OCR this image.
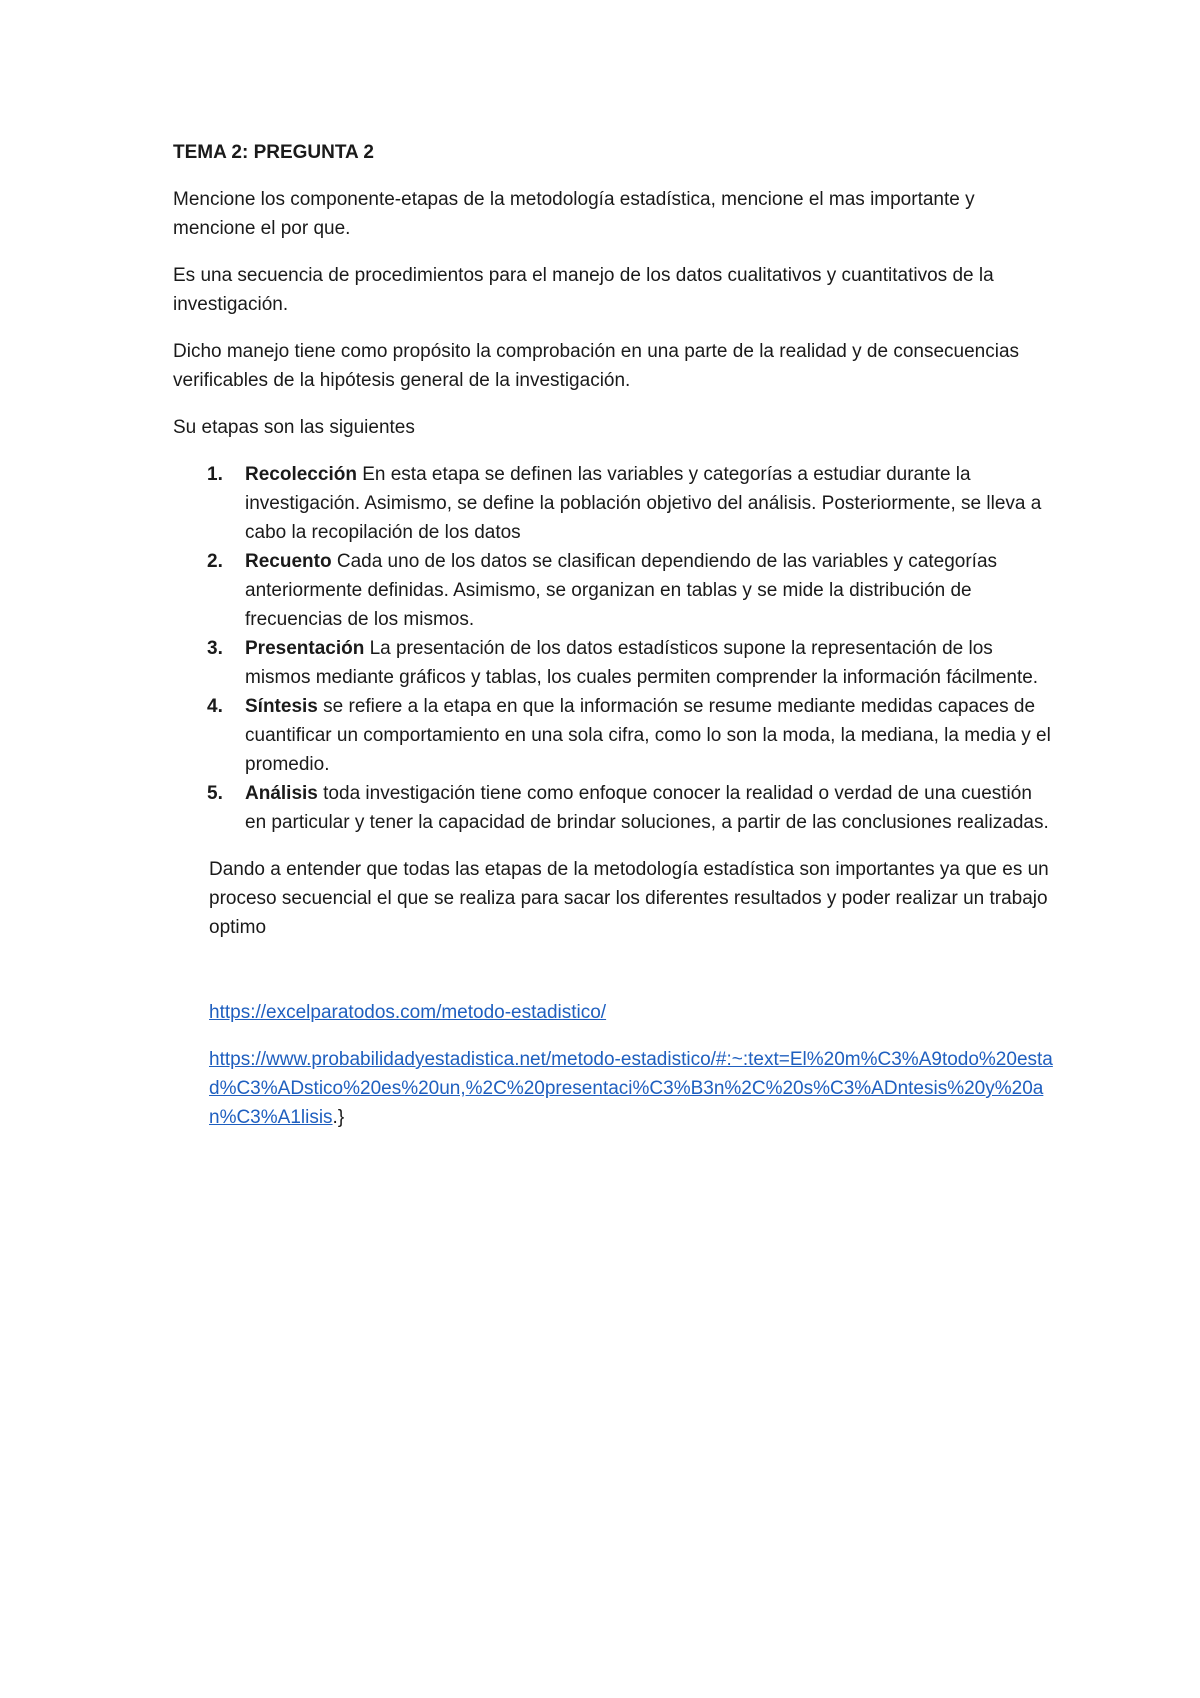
TEMA 2: PREGUNTA 2

Mencione los componente-etapas de la metodología estadística, mencione el mas importante y mencione el por que.

Es una secuencia de procedimientos para el manejo de los datos cualitativos y cuantitativos de la investigación.

Dicho manejo tiene como propósito la comprobación en una parte de la realidad y de consecuencias verificables de la hipótesis general de la investigación.

Su etapas son las siguientes

1. Recolección En esta etapa se definen las variables y categorías a estudiar durante la investigación. Asimismo, se define la población objetivo del análisis. Posteriormente, se lleva a cabo la recopilación de los datos
2. Recuento Cada uno de los datos se clasifican dependiendo de las variables y categorías anteriormente definidas. Asimismo, se organizan en tablas y se mide la distribución de frecuencias de los mismos.
3. Presentación La presentación de los datos estadísticos supone la representación de los mismos mediante gráficos y tablas, los cuales permiten comprender la información fácilmente.
4. Síntesis se refiere a la etapa en que la información se resume mediante medidas capaces de cuantificar un comportamiento en una sola cifra, como lo son la moda, la mediana, la media y el promedio.
5. Análisis toda investigación tiene como enfoque conocer la realidad o verdad de una cuestión en particular y tener la capacidad de brindar soluciones, a partir de las conclusiones realizadas.

Dando a entender que todas las etapas de la metodología estadística son importantes ya que es un proceso secuencial el que se realiza para sacar los diferentes resultados y poder realizar un trabajo optimo

https://excelparatodos.com/metodo-estadistico/
https://www.probabilidadyestadistica.net/metodo-estadistico/#:~:text=El%20m%C3%A9todo%20estad%C3%ADstico%20es%20un,%2C%20presentaci%C3%B3n%2C%20s%C3%ADntesis%20y%20an%C3%A1lisis.}
